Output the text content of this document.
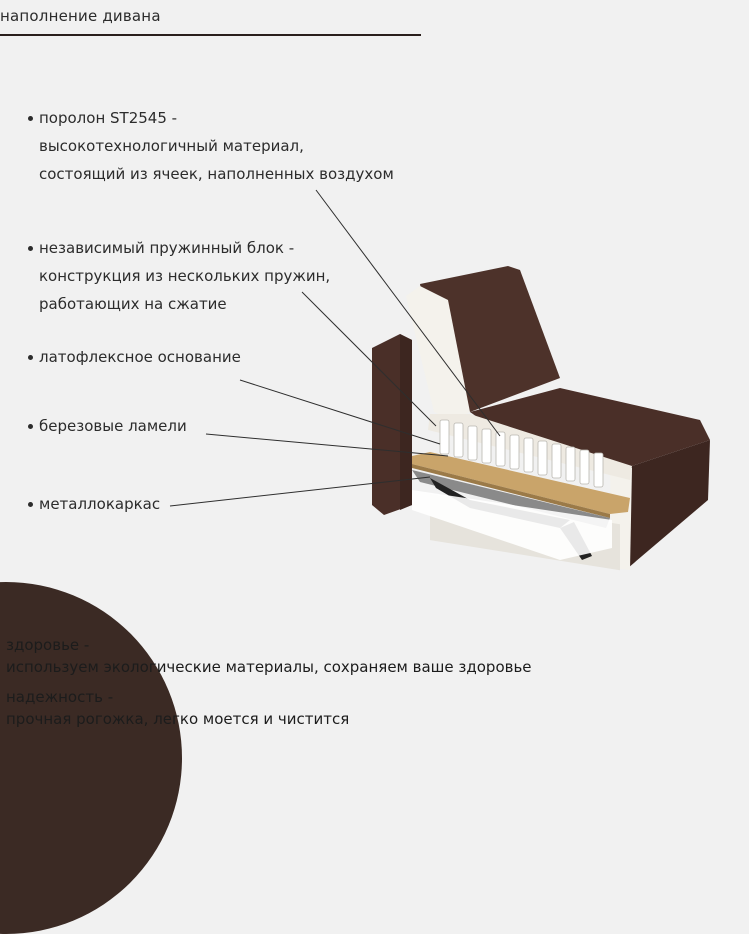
наполнение дивана
поролон ST2545 -
высокотехнологичный материал,
состоящий из ячеек, наполненных воздухом
независимый пружинный блок -
конструкция из нескольких пружин,
работающих на сжатие
латофлексное основание
березовые ламели
металлокаркас
здоровье -
используем экологические материалы, сохраняем ваше здоровье
надежность -
прочная рогожка, легко моется и чистится
